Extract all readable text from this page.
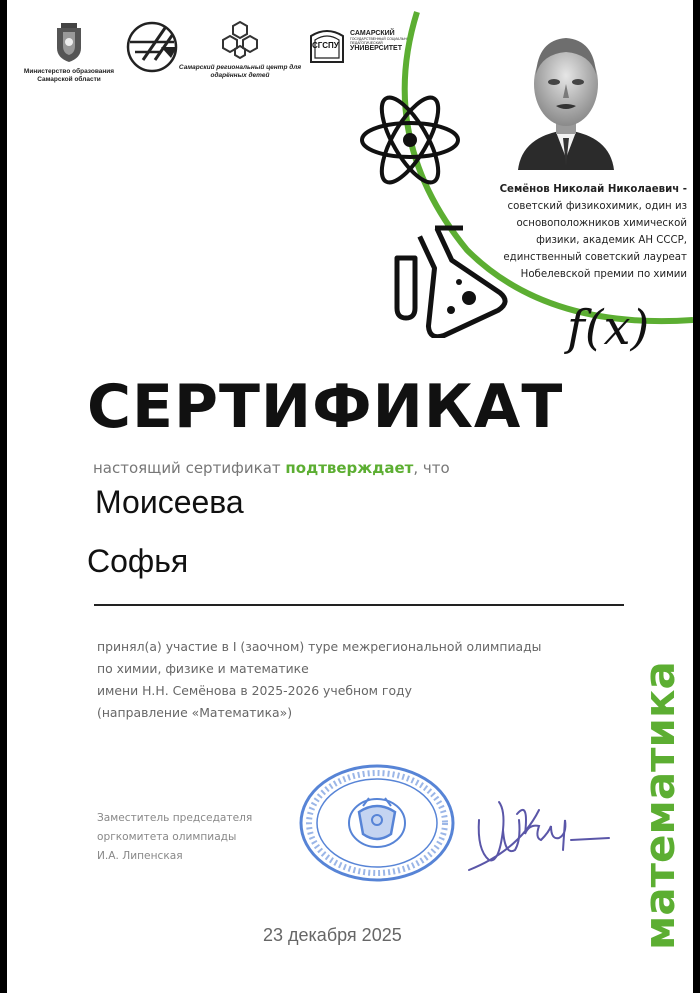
Министерство образования Самарской области
Самарский региональный центр для одарённых детей
СГСПУ
САМАРСКИЙ
ГОСУДАРСТВЕННЫЙ СОЦИАЛЬНО-ПЕДАГОГИЧЕСКИЙ
УНИВЕРСИТЕТ
Семёнов Николай Николаевич -
советский физикохимик, один из
основоположников химической
физики, академик АН СССР,
единственный советский лауреат
Нобелевской премии по химии
f(x)
СЕРТИФИКАТ
настоящий сертификат подтверждает, что
Моисеева
Софья
принял(а) участие в I (заочном) туре межрегиональной олимпиады
по химии, физике и математике
имени Н.Н. Семёнова в 2025-2026 учебном году
(направление «Математика»)
Заместитель председателя
оргкомитета олимпиады
И.А. Липенская
23 декабря 2025	математика
